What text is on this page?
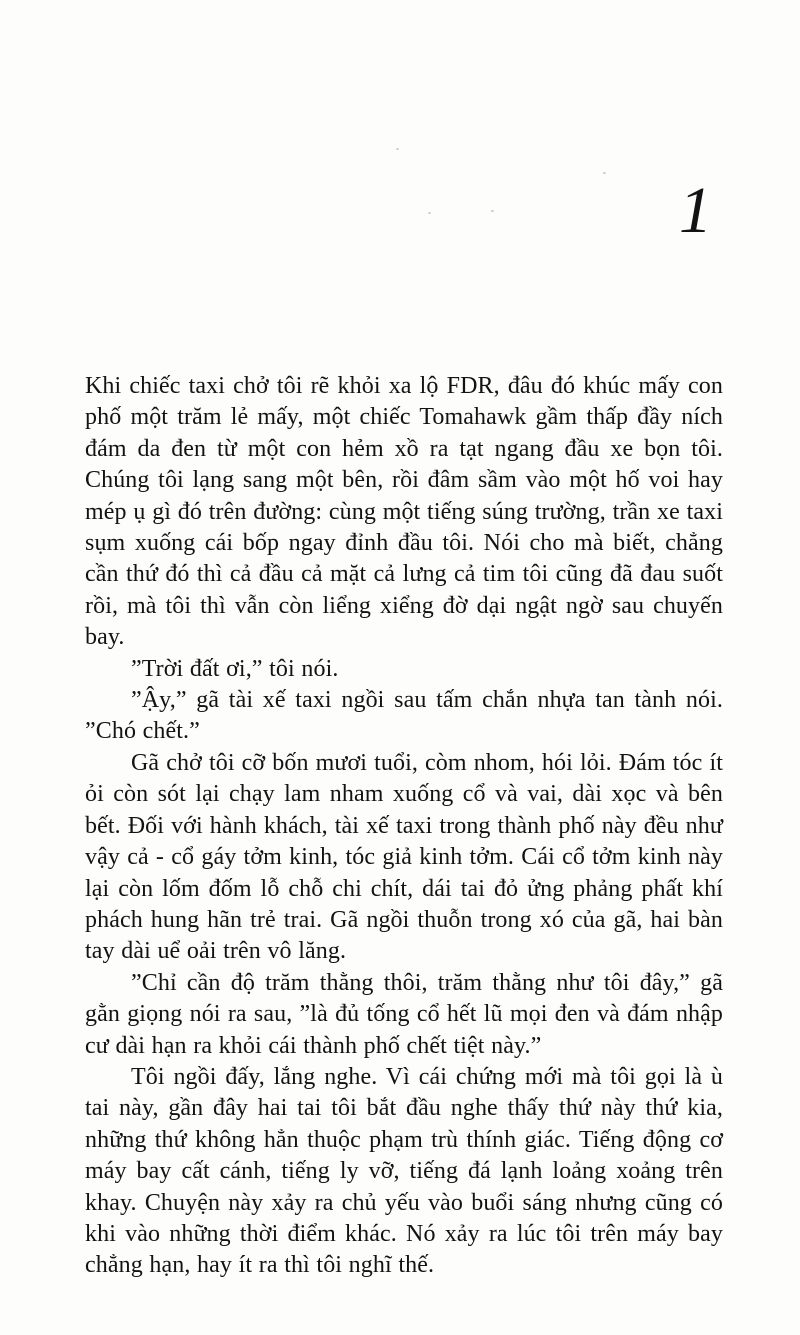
1

Khi chiếc taxi chở tôi rẽ khỏi xa lộ FDR, đâu đó khúc mấy con phố một trăm lẻ mấy, một chiếc Tomahawk gầm thấp đầy ních đám da đen từ một con hẻm xồ ra tạt ngang đầu xe bọn tôi. Chúng tôi lạng sang một bên, rồi đâm sầm vào một hố voi hay mép ụ gì đó trên đường: cùng một tiếng súng trường, trần xe taxi sụm xuống cái bốp ngay đỉnh đầu tôi. Nói cho mà biết, chẳng cần thứ đó thì cả đầu cả mặt cả lưng cả tim tôi cũng đã đau suốt rồi, mà tôi thì vẫn còn liểng xiểng đờ dại ngật ngờ sau chuyến bay.

”Trời đất ơi,” tôi nói.

”Ậy,” gã tài xế taxi ngồi sau tấm chắn nhựa tan tành nói. ”Chó chết.”

Gã chở tôi cỡ bốn mươi tuổi, còm nhom, hói lỏi. Đám tóc ít ỏi còn sót lại chạy lam nham xuống cổ và vai, dài xọc và bên bết. Đối với hành khách, tài xế taxi trong thành phố này đều như vậy cả - cổ gáy tởm kinh, tóc giả kinh tởm. Cái cổ tởm kinh này lại còn lốm đốm lỗ chỗ chi chít, dái tai đỏ ửng phảng phất khí phách hung hãn trẻ trai. Gã ngồi thuỗn trong xó của gã, hai bàn tay dài uể oải trên vô lăng.

”Chỉ cần độ trăm thằng thôi, trăm thằng như tôi đây,” gã gằn giọng nói ra sau, ”là đủ tống cổ hết lũ mọi đen và đám nhập cư dài hạn ra khỏi cái thành phố chết tiệt này.”

Tôi ngồi đấy, lắng nghe. Vì cái chứng mới mà tôi gọi là ù tai này, gần đây hai tai tôi bắt đầu nghe thấy thứ này thứ kia, những thứ không hẳn thuộc phạm trù thính giác. Tiếng động cơ máy bay cất cánh, tiếng ly vỡ, tiếng đá lạnh loảng xoảng trên khay. Chuyện này xảy ra chủ yếu vào buổi sáng nhưng cũng có khi vào những thời điểm khác. Nó xảy ra lúc tôi trên máy bay chẳng hạn, hay ít ra thì tôi nghĩ thế.
